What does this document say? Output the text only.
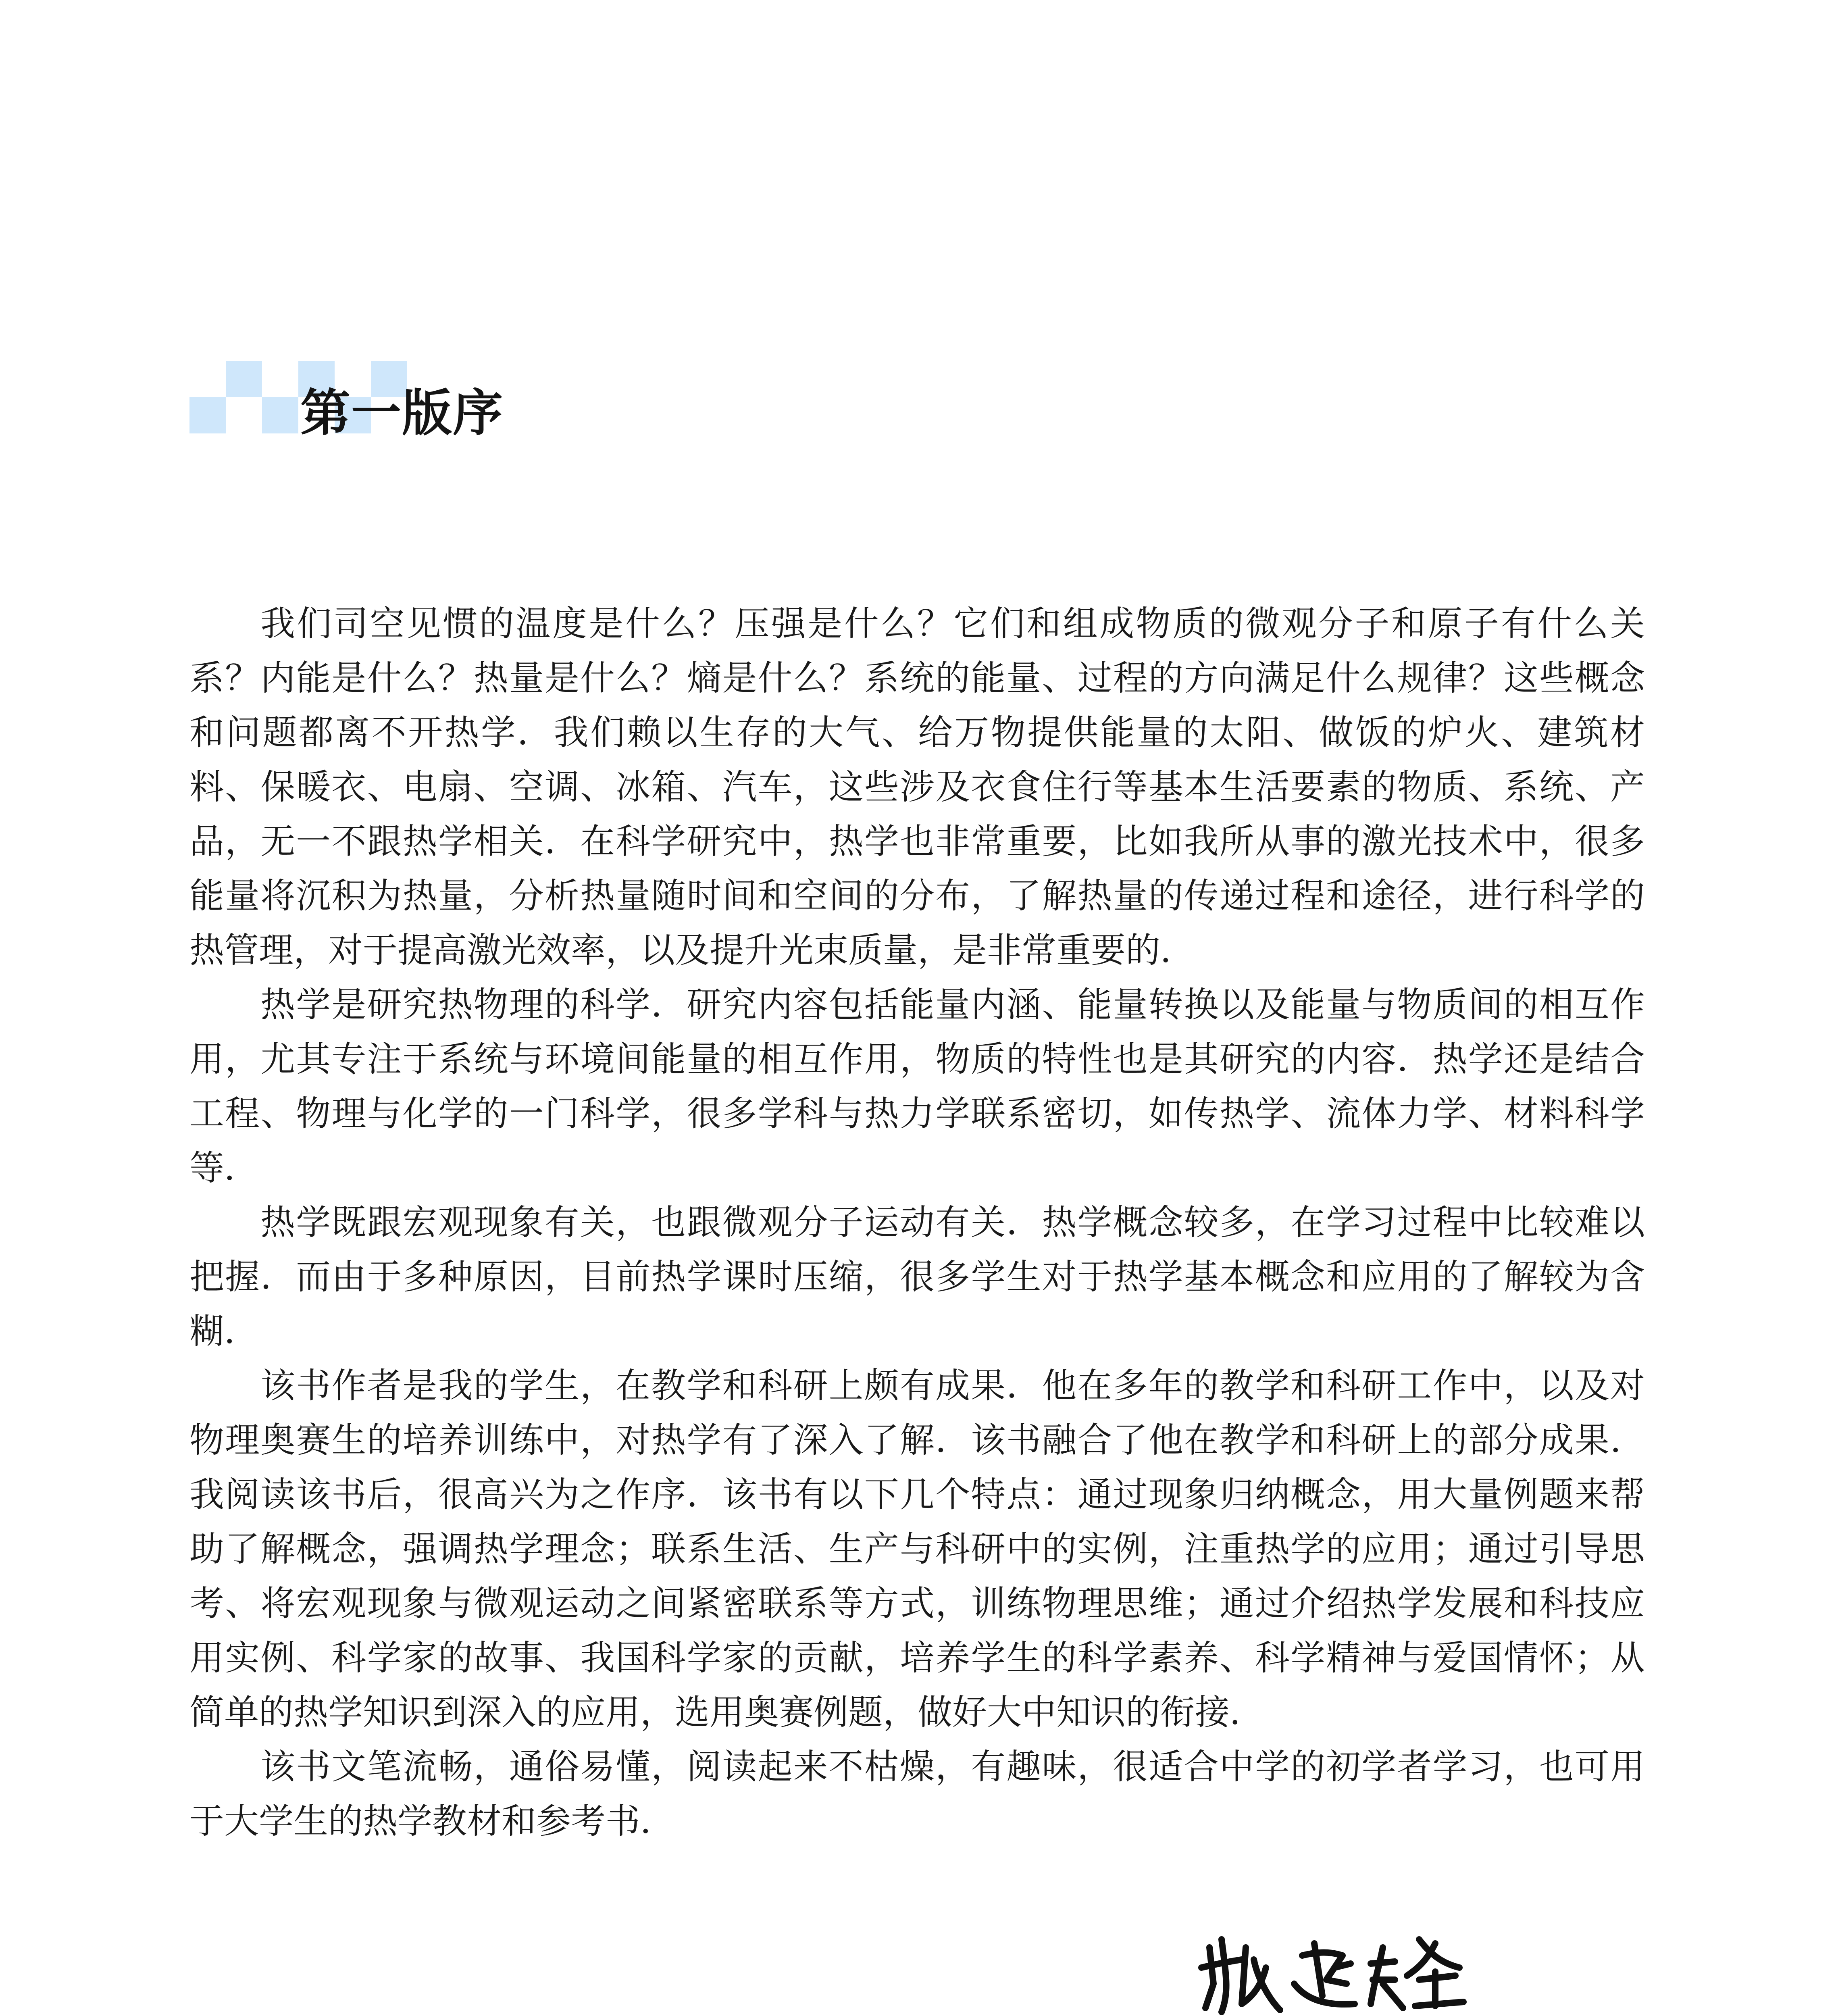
第一版序

我们司空见惯的温度是什么？压强是什么？它们和组成物质的微观分子和原子有什么关系？内能是什么？热量是什么？熵是什么？系统的能量、过程的方向满足什么规律？这些概念和问题都离不开热学．我们赖以生存的大气、给万物提供能量的太阳、做饭的炉火、建筑材料、保暖衣、电扇、空调、冰箱、汽车，这些涉及衣食住行等基本生活要素的物质、系统、产品，无一不跟热学相关．在科学研究中，热学也非常重要，比如我所从事的激光技术中，很多能量将沉积为热量，分析热量随时间和空间的分布，了解热量的传递过程和途径，进行科学的热管理，对于提高激光效率，以及提升光束质量，是非常重要的．

热学是研究热物理的科学．研究内容包括能量内涵、能量转换以及能量与物质间的相互作用，尤其专注于系统与环境间能量的相互作用，物质的特性也是其研究的内容．热学还是结合工程、物理与化学的一门科学，很多学科与热力学联系密切，如传热学、流体力学、材料科学等．

热学既跟宏观现象有关，也跟微观分子运动有关．热学概念较多，在学习过程中比较难以把握．而由于多种原因，目前热学课时压缩，很多学生对于热学基本概念和应用的了解较为含糊．

该书作者是我的学生，在教学和科研上颇有成果．他在多年的教学和科研工作中，以及对物理奥赛生的培养训练中，对热学有了深入了解．该书融合了他在教学和科研上的部分成果．我阅读该书后，很高兴为之作序．该书有以下几个特点：通过现象归纳概念，用大量例题来帮助了解概念，强调热学理念；联系生活、生产与科研中的实例，注重热学的应用；通过引导思考、将宏观现象与微观运动之间紧密联系等方式，训练物理思维；通过介绍热学发展和科技应用实例、科学家的故事、我国科学家的贡献，培养学生的科学素养、科学精神与爱国情怀；从简单的热学知识到深入的应用，选用奥赛例题，做好大中知识的衔接．

该书文笔流畅，通俗易懂，阅读起来不枯燥，有趣味，很适合中学的初学者学习，也可用于大学生的热学教材和参考书．
